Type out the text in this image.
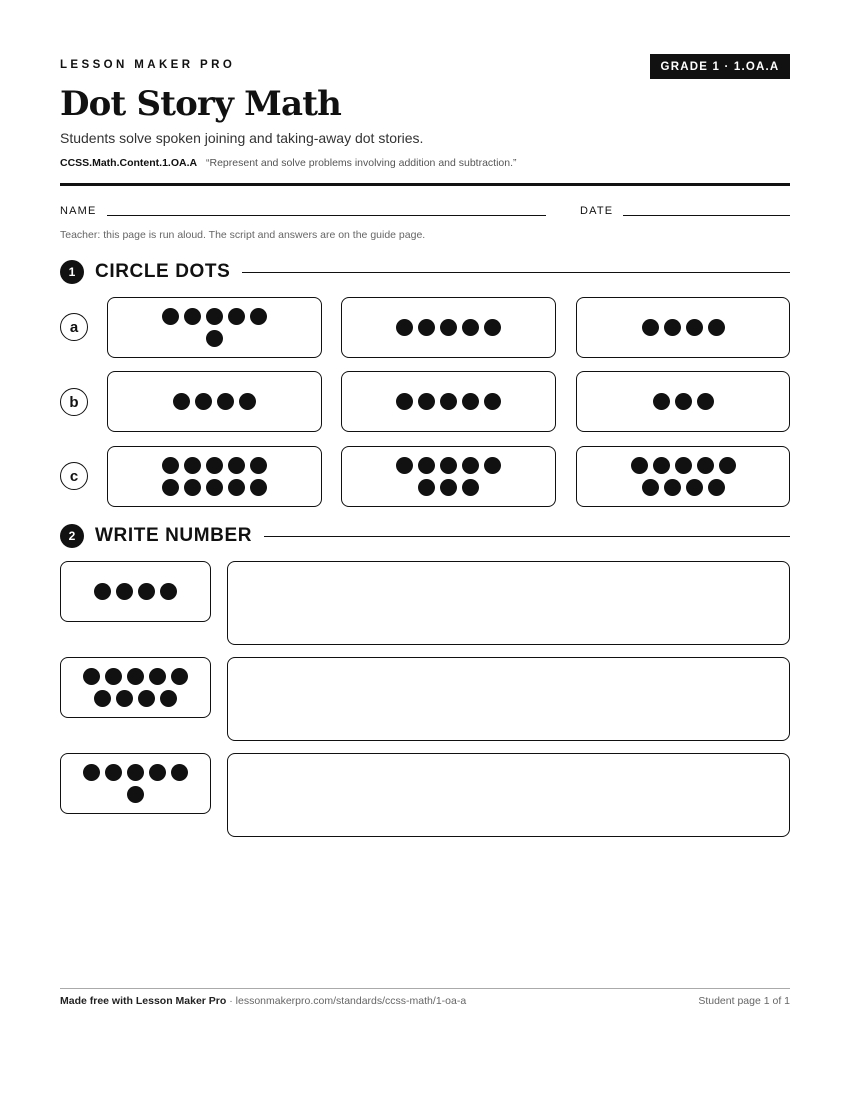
LESSON MAKER PRO	GRADE 1 · 1.OA.A
Dot Story Math
Students solve spoken joining and taking-away dot stories.
CCSS.Math.Content.1.OA.A “Represent and solve problems involving addition and subtraction.”
NAME	DATE
Teacher: this page is run aloud. The script and answers are on the guide page.
1	CIRCLE DOTS
a
b
c
2	WRITE NUMBER
Made free with Lesson Maker Pro · lessonmakerpro.com/standards/ccss-math/1-oa-a	Student page 1 of 1
